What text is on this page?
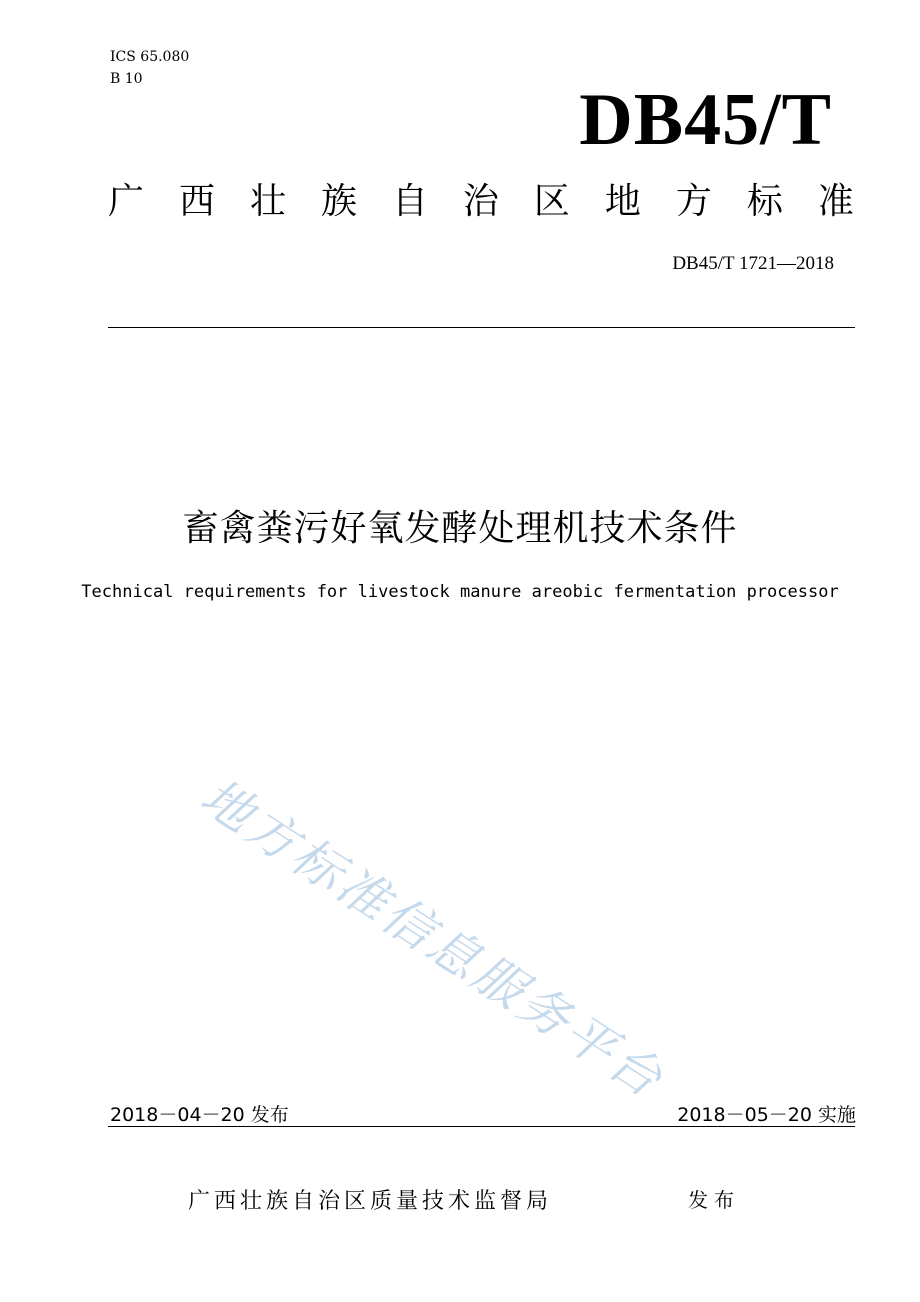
ICS 65.080
B 10	DB45/T
广 西 壮 族 自 治 区 地 方 标 准
DB45/T 1721—2018
畜禽粪污好氧发酵处理机技术条件
Technical requirements for livestock manure areobic fermentation processor
地方标准信息服务平台
2018－04－20 发布	2018－05－20 实施
广西壮族自治区质量技术监督局	发布
